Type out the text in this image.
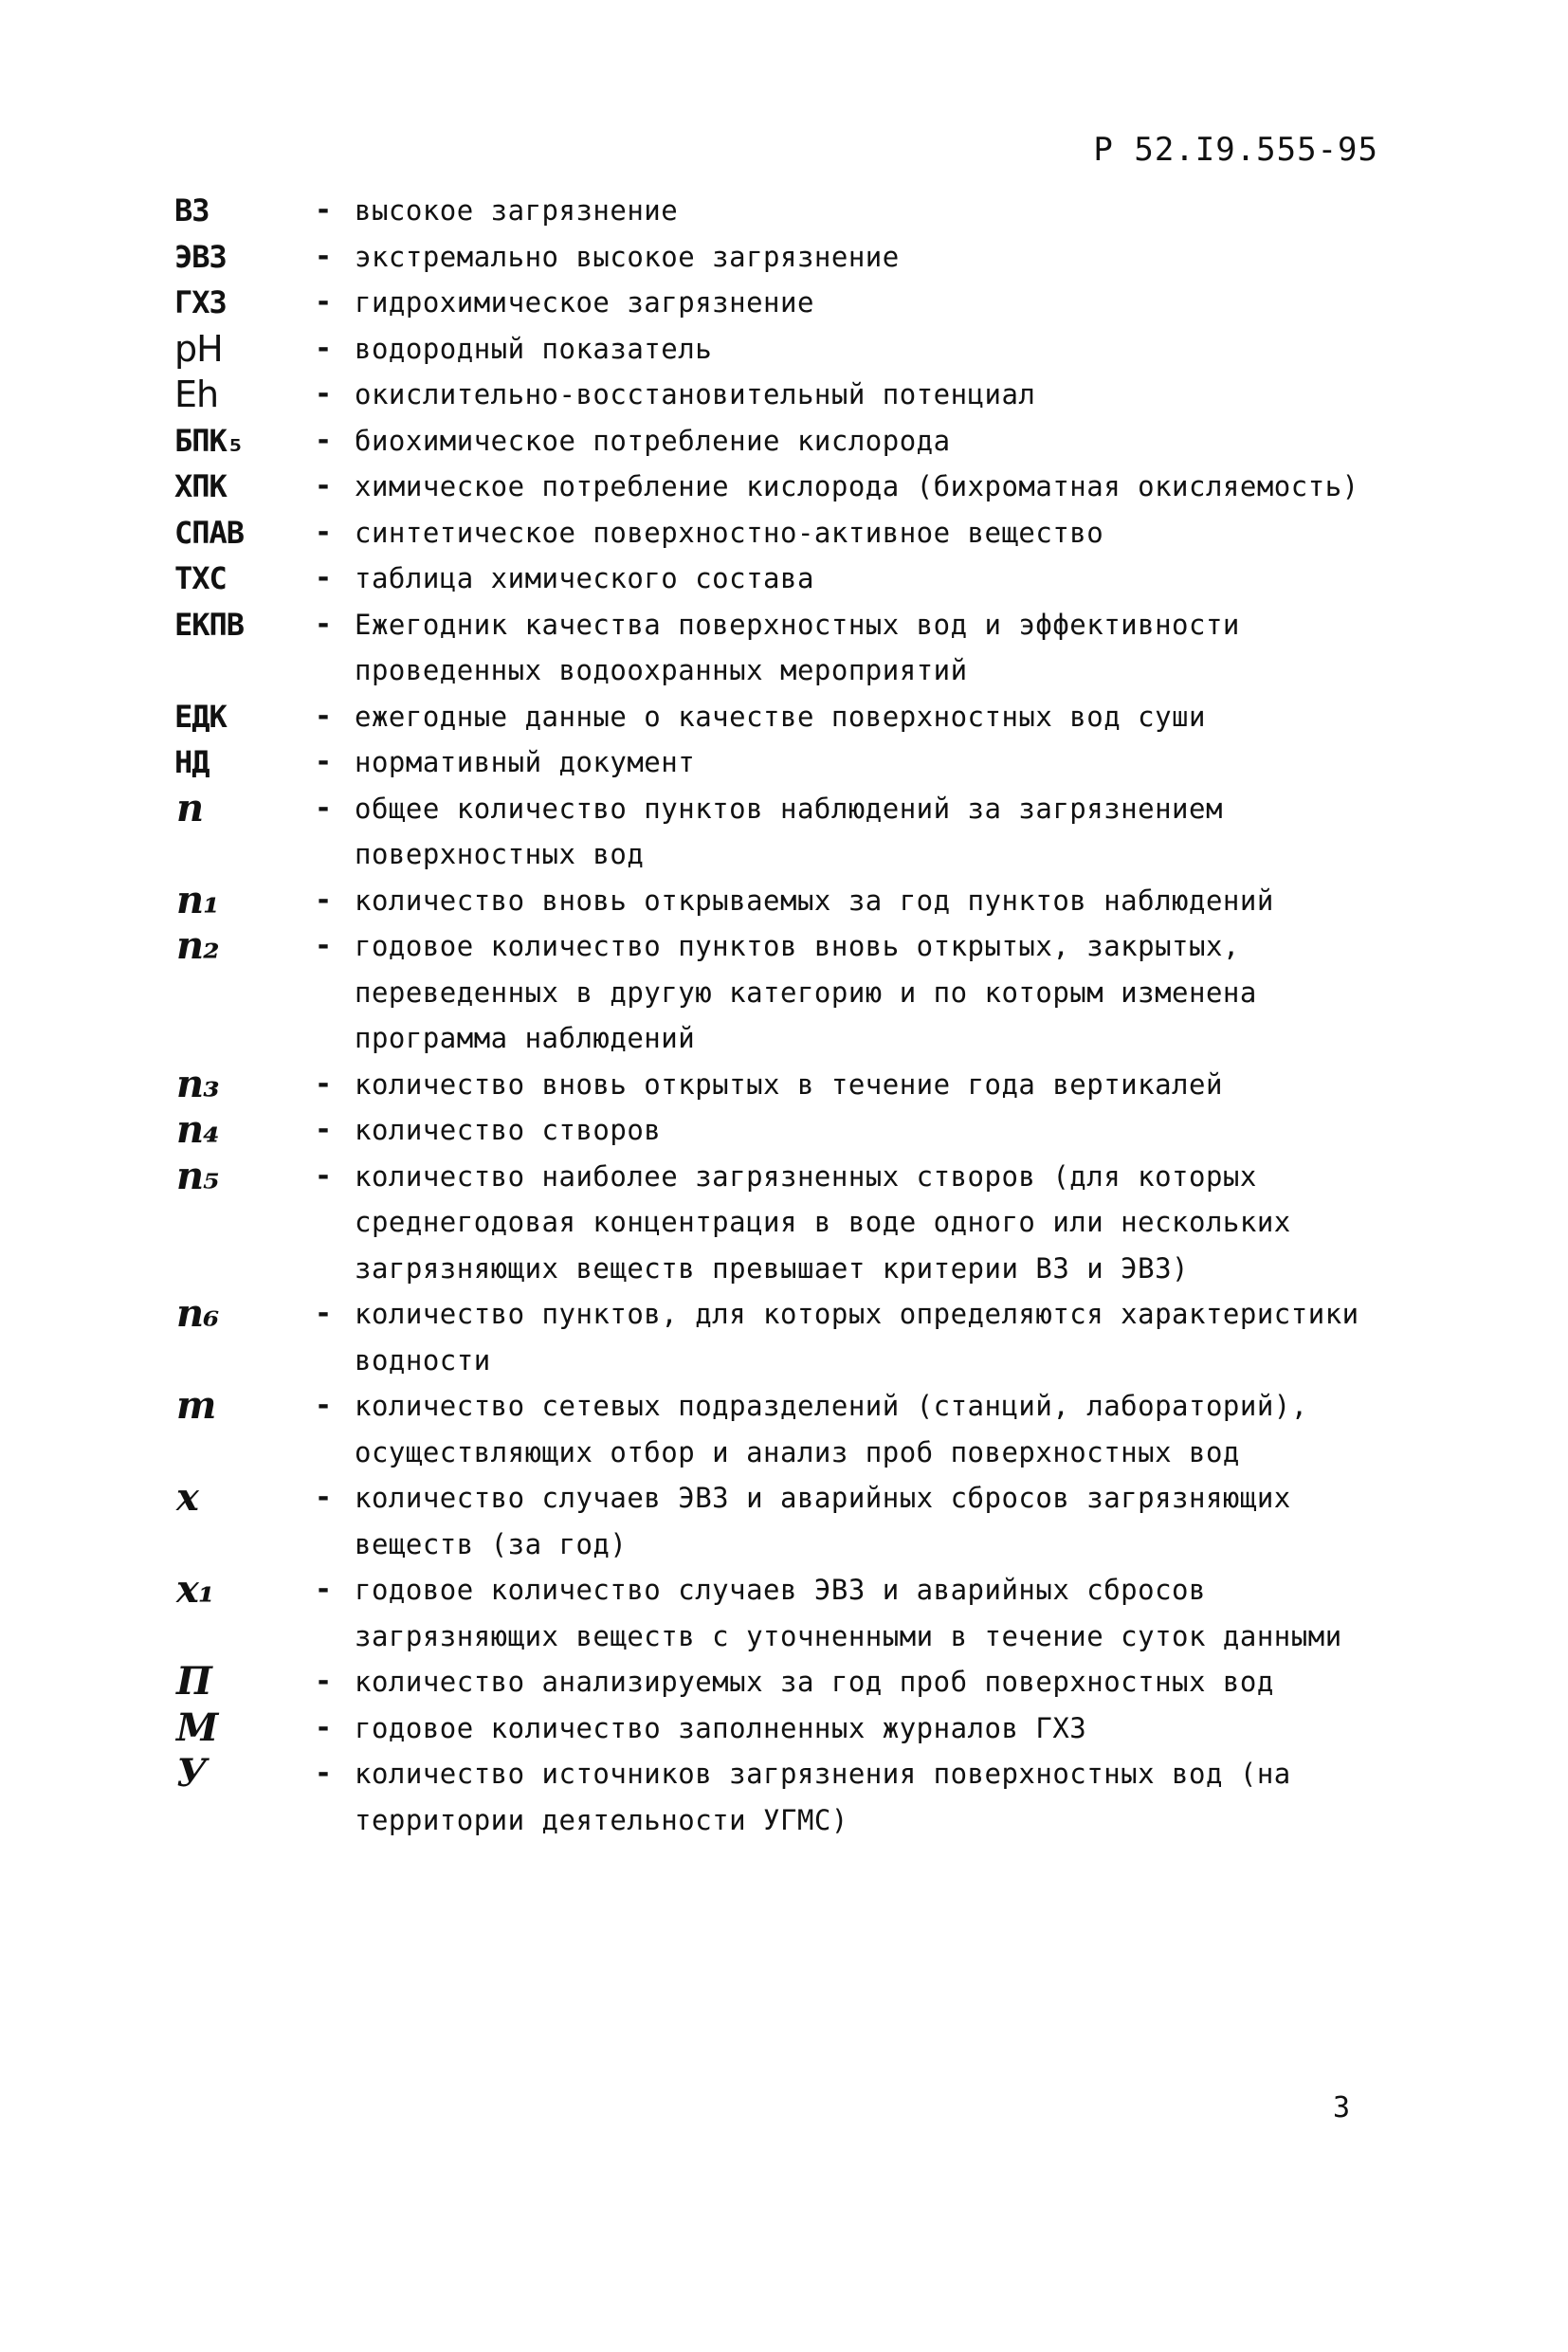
Р 52.I9.555-95
ВЗ	- высокое загрязнение
ЭВЗ	- экстремально высокое загрязнение
ГХЗ	- гидрохимическое загрязнение
рН	- водородный показатель
Eh	- окислительно-восстановительный потенциал
БПК₅	- биохимическое потребление кислорода
ХПК	- химическое потребление кислорода (бихроматная окисляемость)
СПАВ	- синтетическое поверхностно-активное вещество
ТХС	- таблица химического состава
ЕКПВ	- Ежегодник качества поверхностных вод и эффективности проведенных водоохранных мероприятий
ЕДК	- ежегодные данные о качестве поверхностных вод суши
НД	- нормативный документ
n	- общее количество пунктов наблюдений за загрязнением поверхностных вод
n₁	- количество вновь открываемых за год пунктов наблюдений
n₂	- годовое количество пунктов вновь открытых, закрытых, переведенных в другую категорию и по которым изменена программа наблюдений
n₃	- количество вновь открытых в течение года вертикалей
n₄	- количество створов
n₅	- количество наиболее загрязненных створов (для которых среднегодовая концентрация в воде одного или нескольких загрязняющих веществ превышает критерии ВЗ и ЭВЗ)
n₆	- количество пунктов, для которых определяются характеристики водности
m	- количество сетевых подразделений (станций, лабораторий), осуществляющих отбор и анализ проб поверхностных вод
x	- количество случаев ЭВЗ и аварийных сбросов загрязняющих веществ (за год)
x₁	- годовое количество случаев ЭВЗ и аварийных сбросов загрязняющих веществ с уточненными в течение суток данными
П	- количество анализируемых за год проб поверхностных вод
М	- годовое количество заполненных журналов ГХЗ
У	- количество источников загрязнения поверхностных вод (на территории деятельности УГМС)
3
